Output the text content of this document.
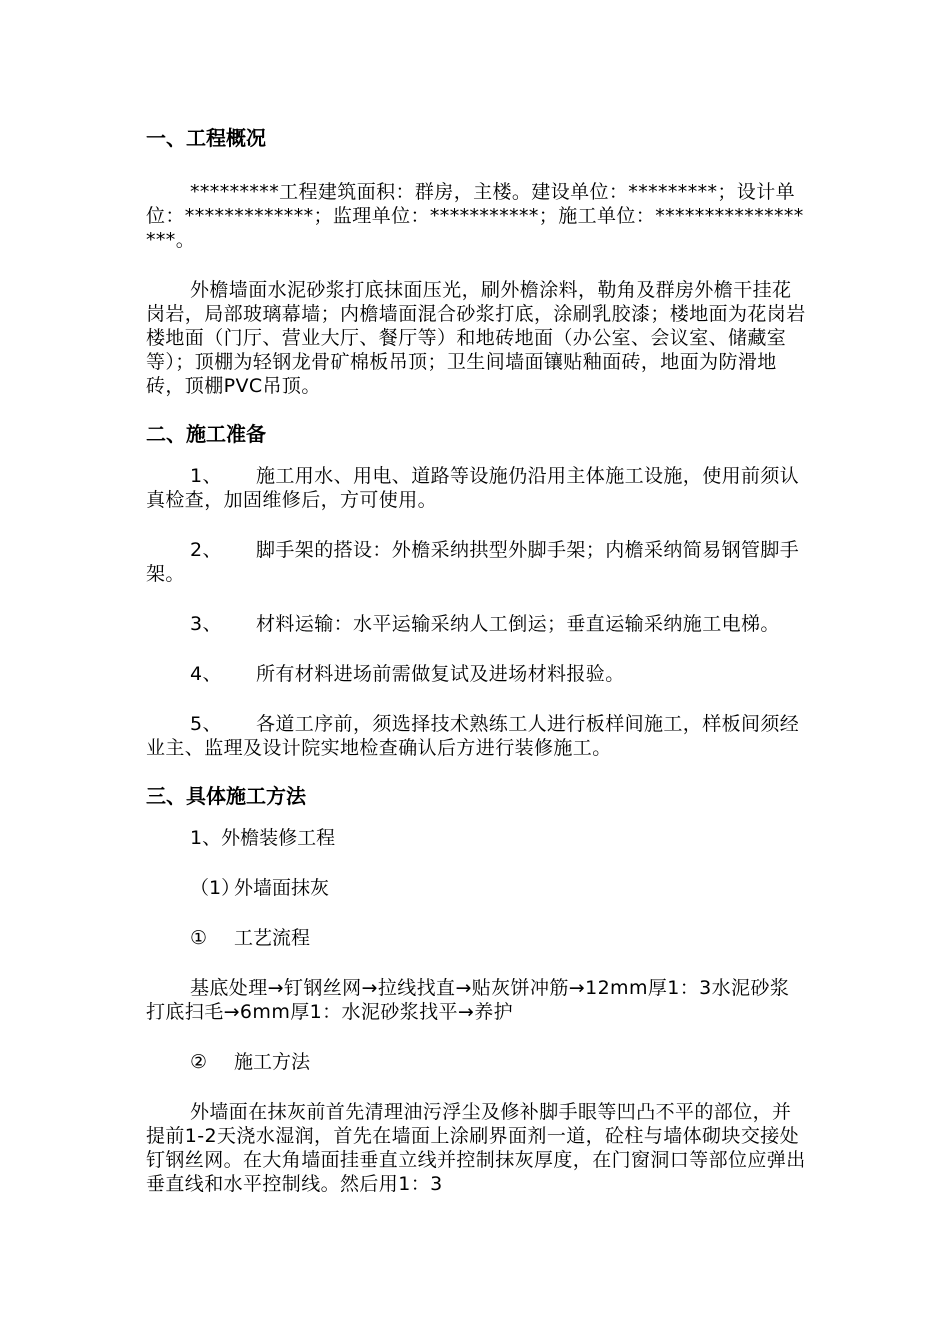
一、工程概况

*********工程建筑面积：群房，主楼。建设单位：*********；设计单位：*************；监理单位：***********；施工单位：******************。

外檐墙面水泥砂浆打底抹面压光，刷外檐涂料，勒角及群房外檐干挂花岗岩，局部玻璃幕墙；内檐墙面混合砂浆打底，涂刷乳胶漆；楼地面为花岗岩楼地面（门厅、营业大厅、餐厅等）和地砖地面（办公室、会议室、储藏室等）；顶棚为轻钢龙骨矿棉板吊顶；卫生间墙面镶贴釉面砖，地面为防滑地砖，顶棚PVC吊顶。

二、施工准备

1、 施工用水、用电、道路等设施仍沿用主体施工设施，使用前须认真检查，加固维修后，方可使用。

2、 脚手架的搭设：外檐采纳拱型外脚手架；内檐采纳简易钢管脚手架。

3、 材料运输：水平运输采纳人工倒运；垂直运输采纳施工电梯。

4、 所有材料进场前需做复试及进场材料报验。

5、 各道工序前，须选择技术熟练工人进行板样间施工，样板间须经业主、监理及设计院实地检查确认后方进行装修施工。

三、具体施工方法

1、外檐装修工程

（1）外墙面抹灰

① 工艺流程

基底处理→钉钢丝网→拉线找直→贴灰饼冲筋→12mm厚1：3水泥砂浆打底扫毛→6mm厚1：水泥砂浆找平→养护

② 施工方法

外墙面在抹灰前首先清理油污浮尘及修补脚手眼等凹凸不平的部位，并提前1-2天浇水湿润，首先在墙面上涂刷界面剂一道，砼柱与墙体砌块交接处钉钢丝网。在大角墙面挂垂直立线并控制抹灰厚度，在门窗洞口等部位应弹出垂直线和水平控制线。然后用1：3
